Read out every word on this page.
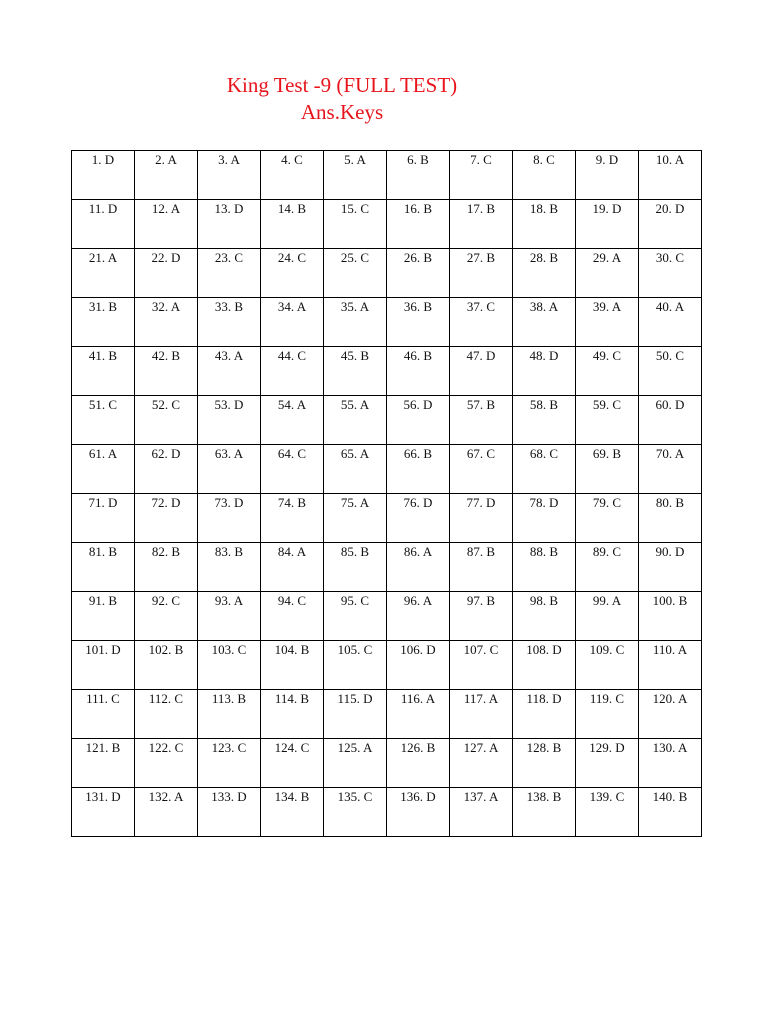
King Test -9 (FULL TEST)
Ans.Keys
1. D	2. A	3. A	4. C	5. A	6. B	7. C	8. C	9. D	10. A

11. D	12. A	13. D	14. B	15. C	16. B	17. B	18. B	19. D	20. D

21. A	22. D	23. C	24. C	25. C	26. B	27. B	28. B	29. A	30. C

31. B	32. A	33. B	34. A	35. A	36. B	37. C	38. A	39. A	40. A

41. B	42. B	43. A	44. C	45. B	46. B	47. D	48. D	49. C	50. C

51. C	52. C	53. D	54. A	55. A	56. D	57. B	58. B	59. C	60. D

61. A	62. D	63. A	64. C	65. A	66. B	67. C	68. C	69. B	70. A

71. D	72. D	73. D	74. B	75. A	76. D	77. D	78. D	79. C	80. B

81. B	82. B	83. B	84. A	85. B	86. A	87. B	88. B	89. C	90. D

91. B	92. C	93. A	94. C	95. C	96. A	97. B	98. B	99. A	100. B

101. D	102. B	103. C	104. B	105. C	106. D	107. C	108. D	109. C	110. A

111. C	112. C	113. B	114. B	115. D	116. A	117. A	118. D	119. C	120. A

121. B	122. C	123. C	124. C	125. A	126. B	127. A	128. B	129. D	130. A

131. D	132. A	133. D	134. B	135. C	136. D	137. A	138. B	139. C	140. B
